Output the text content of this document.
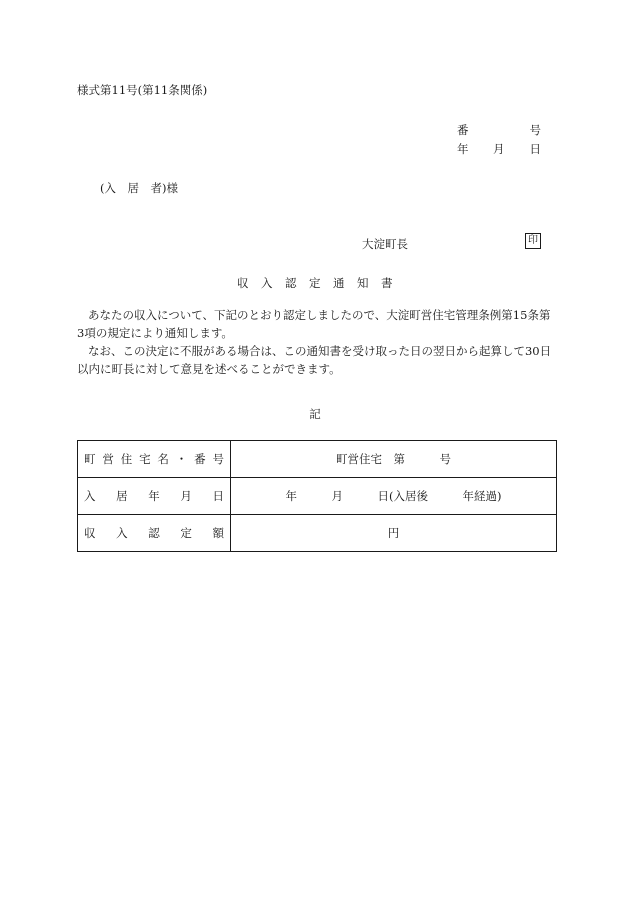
様式第11号(第11条関係)
番	号
年 月 日
(入　居　者)様
大淀町長	印
収　入　認　定　通　知　書

あなたの収入について、下記のとおり認定しましたので、大淀町営住宅管理条例第15条第3項の規定により通知します。

なお、この決定に不服がある場合は、この通知書を受け取った日の翌日から起算して30日以内に町長に対して意見を述べることができます。

記
町営住宅名・番号	町営住宅　第　　　号
入居年月日	年　　　月　　　日(入居後　　　年経過)
収入認定額	円
